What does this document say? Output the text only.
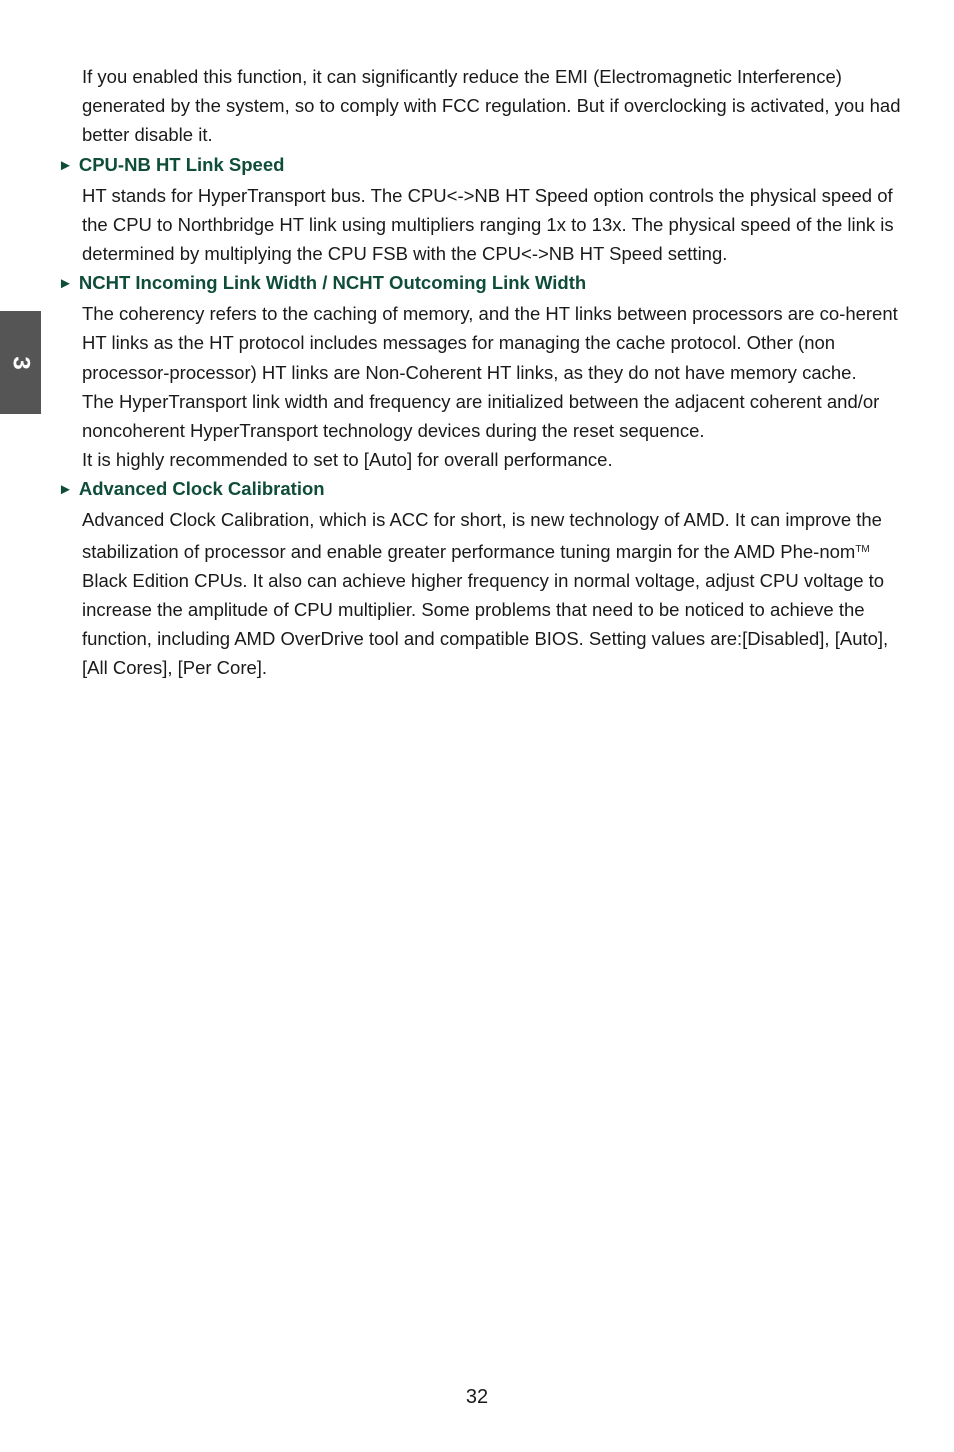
3

If you enabled this function, it can significantly reduce the EMI (Electromagnetic Interference) generated by the system, so to comply with FCC regulation. But if overclocking is activated, you had better disable it.

► CPU-NB HT Link Speed

HT stands for HyperTransport bus. The CPU<->NB HT Speed option controls the physical speed of the CPU to Northbridge HT link using multipliers ranging 1x to 13x. The physical speed of the link is determined by multiplying the CPU FSB with the CPU<->NB HT Speed setting.

► NCHT Incoming Link Width / NCHT Outcoming Link Width

The coherency refers to the caching of memory, and the HT links between processors are co-herent HT links as the HT protocol includes messages for managing the cache protocol. Other (non processor-processor) HT links are Non-Coherent HT links, as they do not have memory cache.

The HyperTransport link width and frequency are initialized between the adjacent coherent and/or noncoherent HyperTransport technology devices during the reset sequence.

It is highly recommended to set to [Auto] for overall performance.

► Advanced Clock Calibration

Advanced Clock Calibration, which is ACC for short, is new technology of AMD. It can improve the stabilization of processor and enable greater performance tuning margin for the AMD Phe-nom™ Black Edition CPUs. It also can achieve higher frequency in normal voltage, adjust CPU voltage to increase the amplitude of CPU multiplier. Some problems that need to be noticed to achieve the function, including AMD OverDrive tool and compatible BIOS. Setting values are:[Disabled], [Auto], [All Cores], [Per Core].

32
